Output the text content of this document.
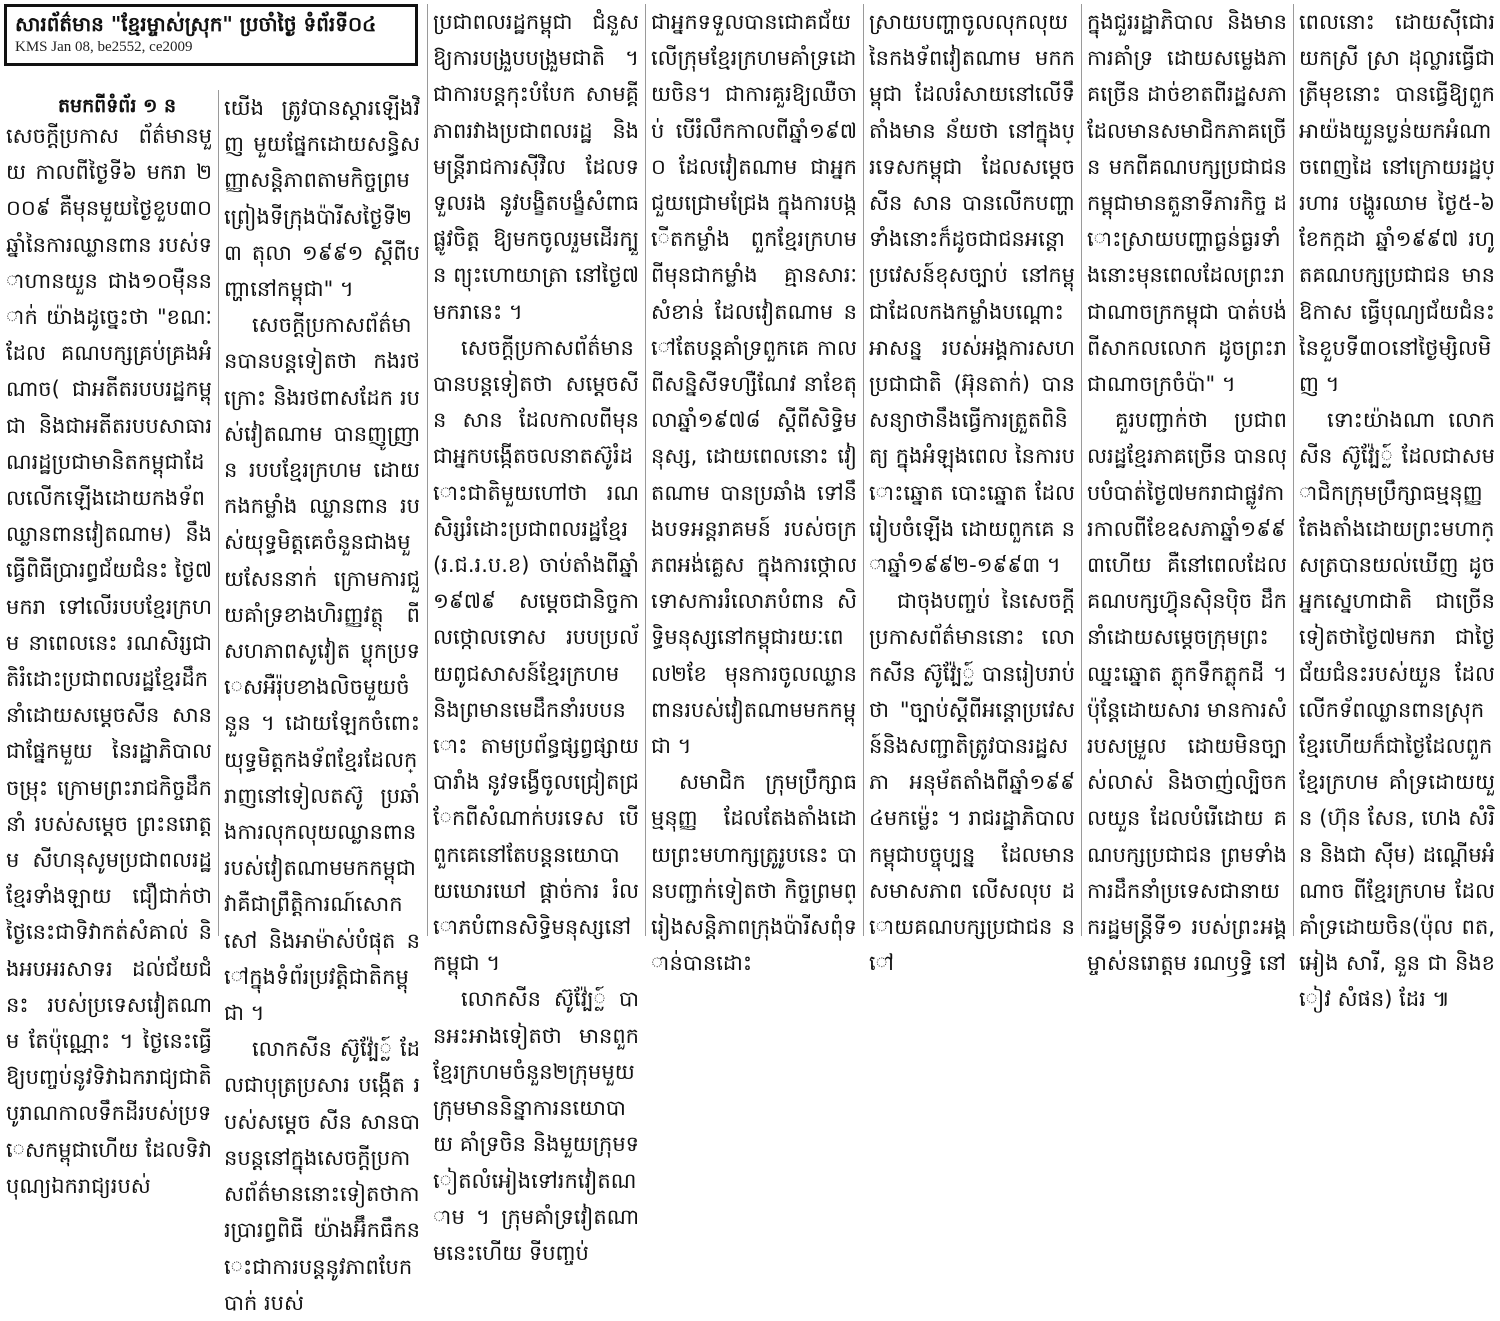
សារព័ត៌មាន "ខ្មែរម្ចាស់ស្រុក" ប្រចាំថ្ងៃ ទំព័រទី០៤
KMS Jan 08, be2552, ce2009
តមកពីទំព័រ ១ ន

សេចក្ដីប្រកាស ព័ត៌មានមួយ កាលពីថ្ងៃទី៦ មករា ២០០៩ គឺមុនមួយថ្ងៃខួប៣០ឆ្នាំនៃការឈ្លានពាន របស់ទាហានយួន ជាង១០ម៉ឺននាក់ យ៉ាងដូច្នេះថា "ខណៈដែល គណបក្សគ្រប់គ្រងអំណាច( ជាអតីតរបបរដ្ឋកម្ពុជា និងជាអតីតរបបសាធារណរដ្ឋប្រជាមានិតកម្ពុជាដែលលើកឡើងដោយកងទ័ពឈ្លានពានវៀតណាម) នឹងធ្វើពិធីប្រារព្ធជ័យជំនះ ថ្ងៃ៧មករា ទៅលើរបបខ្មែរក្រហម នាពេលនេះ រណសិរ្សជាតិរំដោះប្រជាពលរដ្ឋខ្មែរដឹកនាំដោយសម្ដេចសីន សាន ជាផ្នែកមួយ នៃរដ្ឋាភិបាលចម្រុះ ក្រោមព្រះរាជកិច្ចដឹកនាំ របស់សម្ដេច ព្រះនរោត្តម សីហនុសូមប្រជាពលរដ្ឋខ្មែរទាំងឡាយ ជឿជាក់ថា ថ្ងៃនេះជាទិវាកត់សំគាល់ និងអបអរសាទរ ដល់ជ័យជំនះ របស់ប្រទេសវៀតណាម តែប៉ុណ្ណោះ ។ ថ្ងៃនេះធ្វើឱ្យបញ្ចប់នូវទិវាឯករាជ្យជាតិបូរាណកាលទឹកដីរបស់ប្រទេសកម្ពុជាហើយ ដែលទិវា បុណ្យឯករាជ្យរបស់

យើង ត្រូវបានស្ដារឡើងវិញ មួយផ្នែកដោយសន្ធិសញ្ញាសន្តិភាពតាមកិច្ចព្រមព្រៀងទីក្រុងប៉ារីសថ្ងៃទី២៣ តុលា ១៩៩១ ស្ដីពីបញ្ហានៅកម្ពុជា" ។

សេចក្ដីប្រកាសព័ត៌មានបានបន្តទៀតថា កងរថក្រោះ និងរថពាសដែក របស់វៀតណាម បានញូញ្រាន របបខ្មែរក្រហម ដោយកងកម្លាំង ឈ្លានពាន របស់យុទ្ធមិត្តគេចំនួនជាងមួយសែននាក់ ក្រោមការជួយគាំទ្រខាងហិរញ្ញវត្ថុ ពីសហភាពសូវៀត ប្លុកប្រទេសអឺរ៉ុបខាងលិចមួយចំនួន ។ ដោយឡែកចំពោះយុទ្ធមិត្តកងទ័ពខ្មែរដែលក្រាញនៅទៀលតស៊ូ ប្រឆាំងការលុកលុយឈ្លានពានរបស់វៀតណាមមកកម្ពុជា វាគឺជាព្រឹត្តិការណ៍សោកសៅ និងអាម៉ាស់បំផុត នៅក្នុងទំព័រប្រវត្តិជាតិកម្ពុជា ។

លោកសីន ស៊ូវ៉ែ្ប្ល៍ ដែលជាបុត្រប្រសារ បង្កើត របស់សម្ដេច សីន សានបានបន្តនៅក្នុងសេចក្ដីប្រកាសព័ត៌មាននោះទៀតថាការប្រារព្ធពិធី យ៉ាងអ៊ឹកធឹកនេះជាការបន្តនូវភាពបែកបាក់ របស់

ប្រជាពលរដ្ឋកម្ពុជា ជំនួសឱ្យការបង្រួបបង្រួមជាតិ ។ ជាការបន្តកុះបំបែក សាមគ្គីភាពរវាងប្រជាពលរដ្ឋ និងមន្ត្រីរាជការស៊ីវិល ដែលទទួលរង នូវបង្ខិតបង្ខំសំពាធផ្លូវចិត្ត ឱ្យមកចូលរួមដើរក្បួន ព្យុះហោយាត្រា នៅថ្ងៃ៧មករានេះ ។

សេចក្ដីប្រកាសព័ត៌មានបានបន្តទៀតថា សម្ដេចសីន សាន ដែលកាលពីមុន ជាអ្នកបង្កើតចលនាតស៊ូរំដោះជាតិមួយហៅថា រណសិរ្សរំដោះប្រជាពលរដ្ឋខ្មែរ (រ.ជ.រ.ប.ខ) ចាប់តាំងពីឆ្នាំ១៩៧៩ សម្ដេចជានិច្ចកាលថ្កោលទោស របបប្រល័យពូជសាសន៍ខ្មែរក្រហម និងព្រមានមេដឹកនាំរបបនោះ តាមប្រព័ន្ធផ្សព្វផ្សាយបារាំង នូវទង្វើចូលជ្រៀតជ្រែកពីសំណាក់បរទេស បើពួកគេនៅតែបន្តនយោបាយឃោរឃៅ ផ្ដាច់ការ រំលោភបំពានសិទ្ធិមនុស្សនៅកម្ពុជា ។

លោកសីន ស៊ូវ៉ែ្ប្ល៍ បានអះអាងទៀតថា មានពួកខ្មែរក្រហមចំនួន២ក្រុមមួយក្រុមមាននិន្នាការនយោបាយ គាំទ្រចិន និងមួយក្រុមទៀតលំអៀងទៅរកវៀតណាម ។ ក្រុមគាំទ្រវៀតណាមនេះហើយ ទីបញ្ចប់

ជាអ្នកទទួលបានជោគជ័យ លើក្រុមខ្មែរក្រហមគាំទ្រដោយចិន។ ជាការគួរឱ្យឈឺចាប់ បើរំលឹកកាលពីឆ្នាំ១៩៧០ ដែលវៀតណាម ជាអ្នកជួយជ្រោមជ្រែង ក្នុងការបង្កើតកម្លាំង ពួកខ្មែរក្រហម ពីមុនជាកម្លាំង គ្មានសារៈសំខាន់ ដែលវៀតណាម នៅតែបន្តគាំទ្រពួកគេ កាលពីសន្និសីទហ្សឺណែវ នាខែតុលាឆ្នាំ១៩៧៨ ស្ដីពីសិទ្ធិមនុស្ស, ដោយពេលនោះ វៀតណាម បានប្រឆាំង ទៅនឹងបទអន្តរាគមន៍ របស់ចក្រភពអង់គ្លេស ក្នុងការថ្កោលទោសការរំលោភបំពាន សិទ្ធិមនុស្សនៅកម្ពុជារយៈពេល២ខែ មុនការចូលឈ្លានពានរបស់វៀតណាមមកកម្ពុជា ។

សមាជិក ក្រុមប្រឹក្សាធម្មនុញ្ញ ដែលតែងតាំងដោយព្រះមហាក្សត្រូរូបនេះ បានបញ្ជាក់ទៀតថា កិច្ចព្រមព្រៀងសន្តិភាពក្រុងប៉ារីសពុំទាន់បានដោះ

ស្រាយបញ្ហាចូលលុកលុយ នៃកងទ័ពវៀតណាម មកកម្ពុជា ដែលរំសាយនៅលើទឹតាំងមាន ន័យថា នៅក្នុងប្រទេសកម្ពុជា ដែលសម្ដេចសីន សាន បានលើកបញ្ហាទាំងនោះក៏ដូចជាជនអន្តោប្រវេសន៍ខុសច្បាប់ នៅកម្ពុជាដែលកងកម្លាំងបណ្ដោះអាសន្ន របស់អង្គការសហប្រជាជាតិ (អ៊ុនតាក់) បានសន្យាថានឹងធ្វើការត្រួតពិនិត្យ ក្នុងអំឡុងពេល នៃការបោះឆ្នោត បោះឆ្នោត ដែលរៀបចំឡើង ដោយពួកគេ នាឆ្នាំ១៩៩២-១៩៩៣ ។

ជាចុងបញ្ចប់ នៃសេចក្ដីប្រកាសព័ត៌មាននោះ លោកសីន ស៊ូវ៉ែ្ប្ល៍ បានរៀបរាប់ថា "ច្បាប់ស្ដីពីអន្តោប្រវេសន៍និងសញ្ជាតិត្រូវបានរដ្ឋសភា អនុម័តតាំងពីឆ្នាំ១៩៩៤មកម្ល៉េះ ។ រាជរដ្ឋាភិបាលកម្ពុជាបច្ចុប្បន្ន ដែលមានសមាសភាព លើសលុប ដោយគណបក្សប្រជាជន នៅ

ក្នុងជួររដ្ឋាភិបាល និងមានការគាំទ្រ ដោយសម្លេងភាគច្រើន ដាច់ខាតពីរដ្ឋសភា ដែលមានសមាជិកភាគច្រើន មកពីគណបក្សប្រជាជនកម្ពុជាមានតួនាទីភារកិច្ច ដោះស្រាយបញ្ហាធ្ងន់ធ្ងរទាំងនោះមុនពេលដែលព្រះរាជាណាចក្រកម្ពុជា បាត់បង់ពីសាកលលោក ដូចព្រះរាជាណាចក្រចំប៉ា" ។

គួរបញ្ជាក់ថា ប្រជាពលរដ្ឋខ្មែរភាគច្រើន បានលុបបំបាត់ថ្ងៃ៧មករាជាផ្លូវការកាលពីខែឧសភាឆ្នាំ១៩៩៣ហើយ គឺនៅពេលដែល គណបក្សហ៊្វុនស៊ិនប៉ិច ដឹកនាំដោយសម្ដេចក្រុមព្រះឈ្នះឆ្នោត ភ្លុកទឹកភ្លុកដី ។ ប៉ុន្ដែដោយសារ មានការសំរបសម្រួល ដោយមិនច្បាស់លាស់ និងចាញ់ល្បិចកលយួន ដែលបំរើដោយ គណបក្សប្រជាជន ព្រមទាំងការដឹកនាំប្រទេសជានាយករដ្ឋមន្ត្រីទី១ របស់ព្រះអង្គម្ចាស់នរោត្តម រណឫទ្ធិ នៅ

ពេលនោះ ដោយស៊ីជោរ យកស្រី ស្រា ដុល្លារធ្វើជាត្រីមុខនោះ បានធ្វើឱ្យពួកអាយ៉ងយួនប្លន់យកអំណាចពេញដៃ នៅក្រោយរដ្ឋប្រហារ បង្ហូរឈាម ថ្ងៃ៥-៦ ខែកក្កដា ឆ្នាំ១៩៩៧ រហូតគណបក្សប្រជាជន មានឱកាស ធ្វើបុណ្យជ័យជំនះនៃខួបទី៣០នៅថ្ងៃម្សិលមិញ ។

ទោះយ៉ាងណា លោកសីន ស៊ូវ៉ែ្ប្ល៍ ដែលជាសមាជិកក្រុមប្រឹក្សាធម្មនុញ្ញតែងតាំងដោយព្រះមហាក្សត្របានយល់ឃើញ ដូចអ្នកស្នេហាជាតិ ជាច្រើន ទៀតថាថ្ងៃ៧មករា ជាថ្ងៃជ័យជំនះរបស់យួន ដែលលើកទ័ពឈ្លានពានស្រុកខ្មែរហើយក៏ជាថ្ងៃដែលពួកខ្មែរក្រហម គាំទ្រដោយយួន (ហ៊ុន សែន, ហេង សំរិន និងជា ស៊ីម) ដណ្ដើមអំណាច ពីខ្មែរក្រហម ដែលគាំទ្រដោយចិន(ប៉ុល ពត, អៀង សារី, នួន ជា និងខៀវ សំផន) ដែរ ៕
